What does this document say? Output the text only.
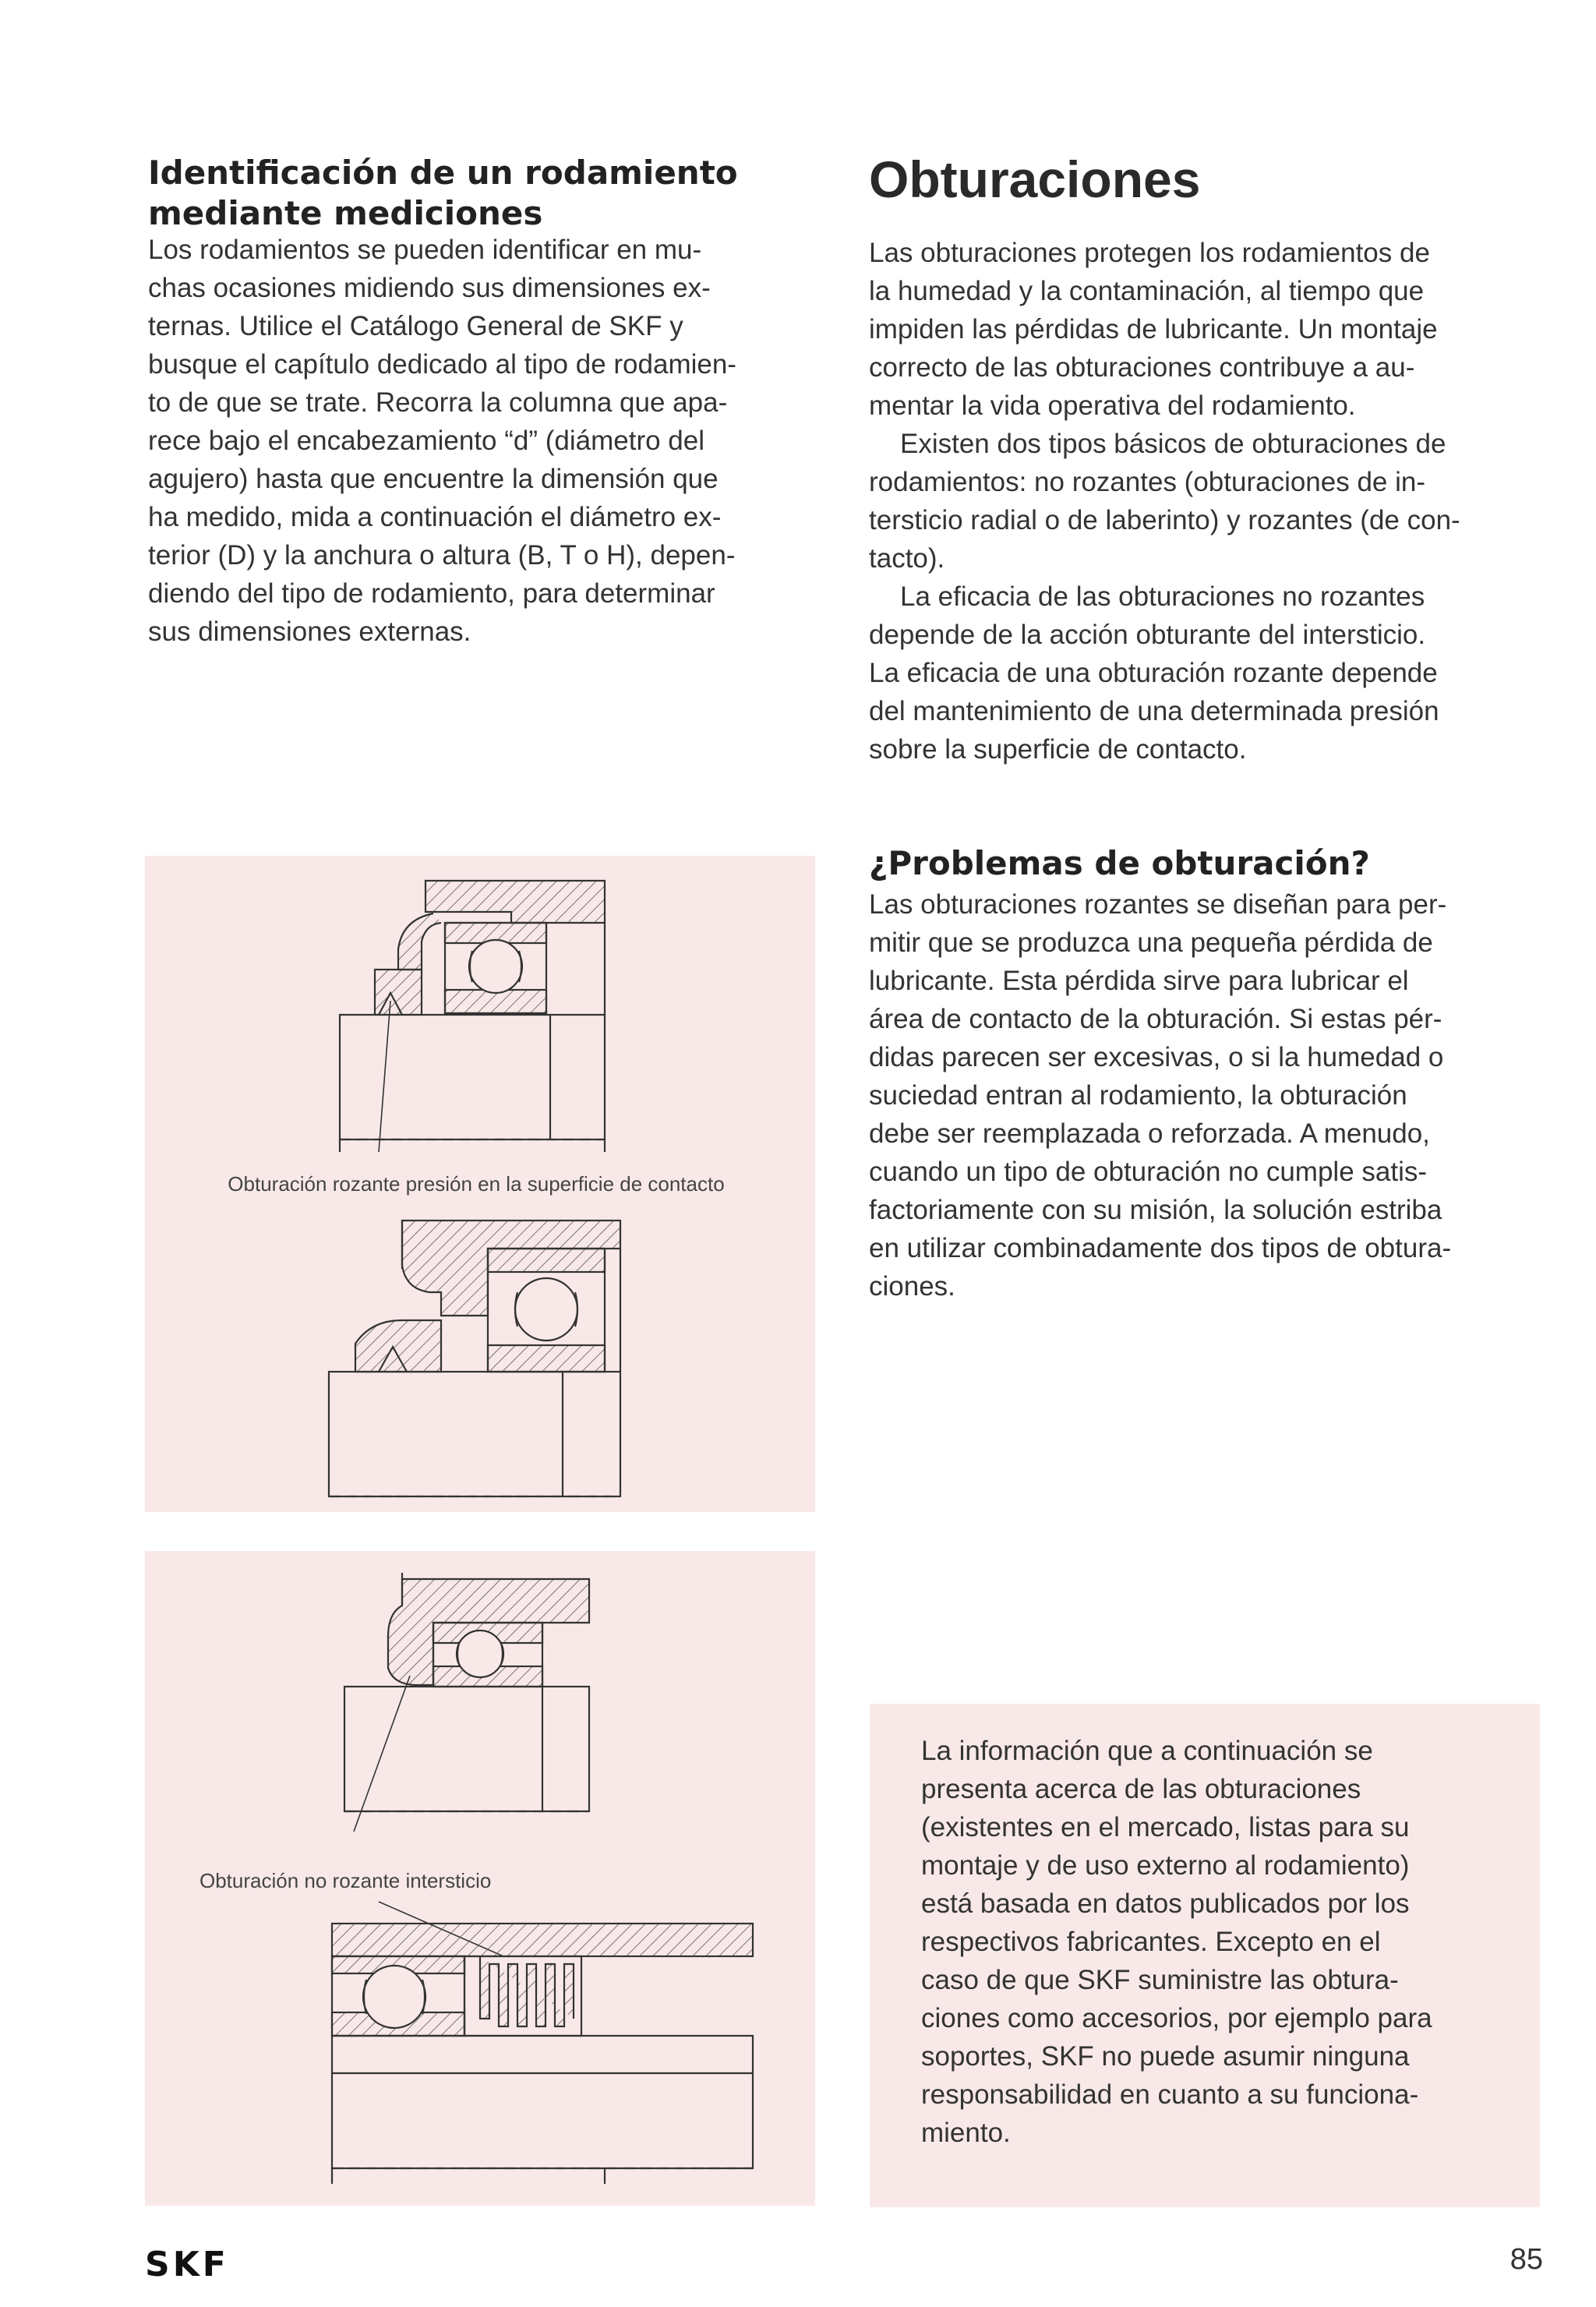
Identificación de un rodamiento
mediante mediciones

Los rodamientos se pueden identificar en mu-
chas ocasiones midiendo sus dimensiones ex-
ternas. Utilice el Catálogo General de SKF y
busque el capítulo dedicado al tipo de rodamien-
to de que se trate. Recorra la columna que apa-
rece bajo el encabezamiento “d” (diámetro del
agujero) hasta que encuentre la dimensión que
ha medido, mida a continuación el diámetro ex-
terior (D) y la anchura o altura (B, T o H), depen-
diendo del tipo de rodamiento, para determinar
sus dimensiones externas.

Obturaciones

Las obturaciones protegen los rodamientos de
la humedad y la contaminación, al tiempo que
impiden las pérdidas de lubricante. Un montaje
correcto de las obturaciones contribuye a au-
mentar la vida operativa del rodamiento.

Existen dos tipos básicos de obturaciones de
rodamientos: no rozantes (obturaciones de in-
tersticio radial o de laberinto) y rozantes (de con-
tacto).

La eficacia de las obturaciones no rozantes
depende de la acción obturante del intersticio.
La eficacia de una obturación rozante depende
del mantenimiento de una determinada presión
sobre la superficie de contacto.

¿Problemas de obturación?

Las obturaciones rozantes se diseñan para per-
mitir que se produzca una pequeña pérdida de
lubricante. Esta pérdida sirve para lubricar el
área de contacto de la obturación. Si estas pér-
didas parecen ser excesivas, o si la humedad o
suciedad entran al rodamiento, la obturación
debe ser reemplazada o reforzada. A menudo,
cuando un tipo de obturación no cumple satis-
factoriamente con su misión, la solución estriba
en utilizar combinadamente dos tipos de obtura-
ciones.

Obturación rozante presión en la superficie de contacto
Obturación no rozante intersticio

La información que a continuación se
presenta acerca de las obturaciones
(existentes en el mercado, listas para su
montaje y de uso externo al rodamiento)
está basada en datos publicados por los
respectivos fabricantes. Excepto en el
caso de que SKF suministre las obtura-
ciones como accesorios, por ejemplo para
soportes, SKF no puede asumir ninguna
responsabilidad en cuanto a su funciona-
miento.

SKF	85
